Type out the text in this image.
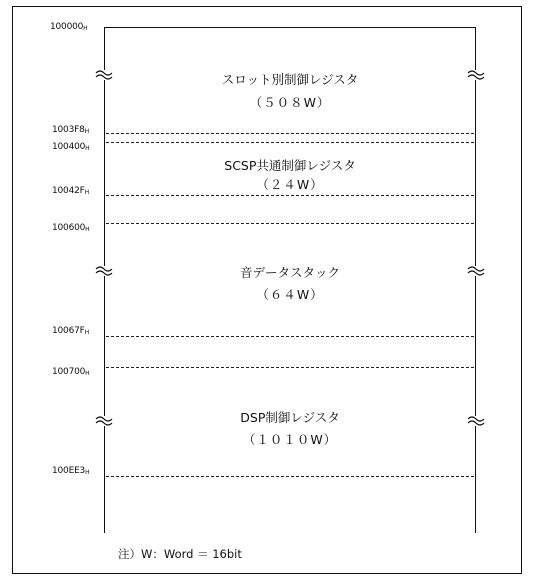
100000H
1003F8H
100400H
10042FH
100600H
10067FH
100700H
100EE3H
スロット別制御レジスタ
（５０８W）
SCSP共通制御レジスタ
（２４W）
音データスタック
（６４W）
DSP制御レジスタ
（１０１０W）
注）W：Word ＝ 16bit
